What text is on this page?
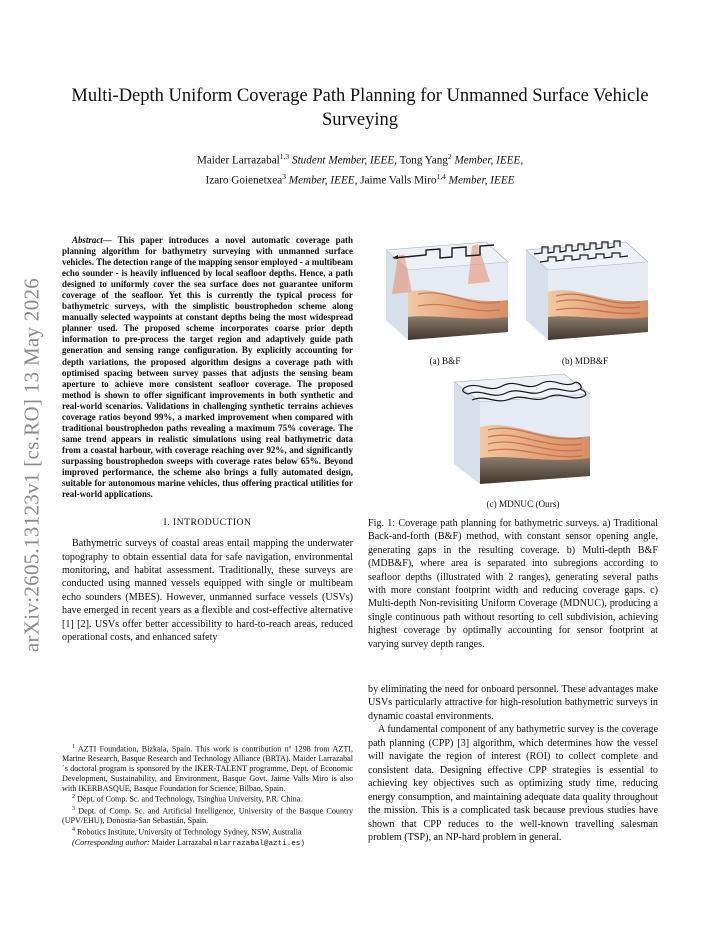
arXiv:2605.13123v1 [cs.RO] 13 May 2026
Multi-Depth Uniform Coverage Path Planning for Unmanned Surface Vehicle Surveying
Maider Larrazabal$^{1,3}$ Student Member, IEEE, Tong Yang$^2$ Member, IEEE,
Izaro Goienetxea$^3$ Member, IEEE, Jaime Valls Miro$^{1,4}$ Member, IEEE

Abstract— This paper introduces a novel automatic coverage path planning algorithm for bathymetry surveying with unmanned surface vehicles. The detection range of the mapping sensor employed - a multibeam echo sounder - is heavily influenced by local seafloor depths. Hence, a path designed to uniformly cover the sea surface does not guarantee uniform coverage of the seafloor. Yet this is currently the typical process for bathymetric surveys, with the simplistic boustrophedon scheme along manually selected waypoints at constant depths being the most widespread planner used. The proposed scheme incorporates coarse prior depth information to pre-process the target region and adaptively guide path generation and sensing range configuration. By explicitly accounting for depth variations, the proposed algorithm designs a coverage path with optimised spacing between survey passes that adjusts the sensing beam aperture to achieve more consistent seafloor coverage. The proposed method is shown to offer significant improvements in both synthetic and real-world scenarios. Validations in challenging synthetic terrains achieves coverage ratios beyond 99%, a marked improvement when compared with traditional boustrophedon paths revealing a maximum 75% coverage. The same trend appears in realistic simulations using real bathymetric data from a coastal harbour, with coverage reaching over 92%, and significantly surpassing boustrophedon sweeps with coverage rates below 65%. Beyond improved performance, the scheme also brings a fully automated design, suitable for autonomous marine vehicles, thus offering practical utilities for real-world applications.

I. INTRODUCTION

Bathymetric surveys of coastal areas entail mapping the underwater topography to obtain essential data for safe navigation, environmental monitoring, and habitat assessment. Traditionally, these surveys are conducted using manned vessels equipped with single or multibeam echo sounders (MBES). However, unmanned surface vessels (USVs) have emerged in recent years as a flexible and cost-effective alternative [1] [2]. USVs offer better accessibility to hard-to-reach areas, reduced operational costs, and enhanced safety

$^1$ AZTI Foundation, Bizkaia, Spain. This work is contribution nº 1298 from AZTI, Marine Research, Basque Research and Technology Alliance (BRTA). Maider Larrazabal´s doctoral program is sponsored by the IKER-TALENT programme, Dept. of Economic Development, Sustainability, and Environment, Basque Govt. Jaime Valls Miro is also with IKERBASQUE, Basque Foundation for Science, Bilbao, Spain.

$^2$ Dept. of Comp. Sc. and Technology, Tsinghua University, P.R. China.

$^3$ Dept. of Comp. Sc. and Artificial Intelligence, University of the Basque Country (UPV/EHU), Donostia-San Sebastián, Spain.

$^4$ Robotics Institute, University of Technology Sydney, NSW, Australia

(Corresponding author: Maider Larrazabal mlarrazabal@azti.es)

(a) B&F	(b) MDB&F
(c) MDNUC (Ours)

Fig. 1: Coverage path planning for bathymetric surveys. a) Traditional Back-and-forth (B&F) method, with constant sensor opening angle, generating gaps in the resulting coverage. b) Multi-depth B&F (MDB&F), where area is separated into subregions according to seafloor depths (illustrated with 2 ranges), generating several paths with more constant footprint width and reducing coverage gaps. c) Multi-depth Non-revisiting Uniform Coverage (MDNUC), producing a single continuous path without resorting to cell subdivision, achieving highest coverage by optimally accounting for sensor footprint at varying survey depth ranges.

by eliminating the need for onboard personnel. These advantages make USVs particularly attractive for high-resolution bathymetric surveys in dynamic coastal environments.

A fundamental component of any bathymetric survey is the coverage path planning (CPP) [3] algorithm, which determines how the vessel will navigate the region of interest (ROI) to collect complete and consistent data. Designing effective CPP strategies is essential to achieving key objectives such as optimizing study time, reducing energy consumption, and maintaining adequate data quality throughout the mission. This is a complicated task because previous studies have shown that CPP reduces to the well-known travelling salesman problem (TSP), an NP-hard problem in general.
